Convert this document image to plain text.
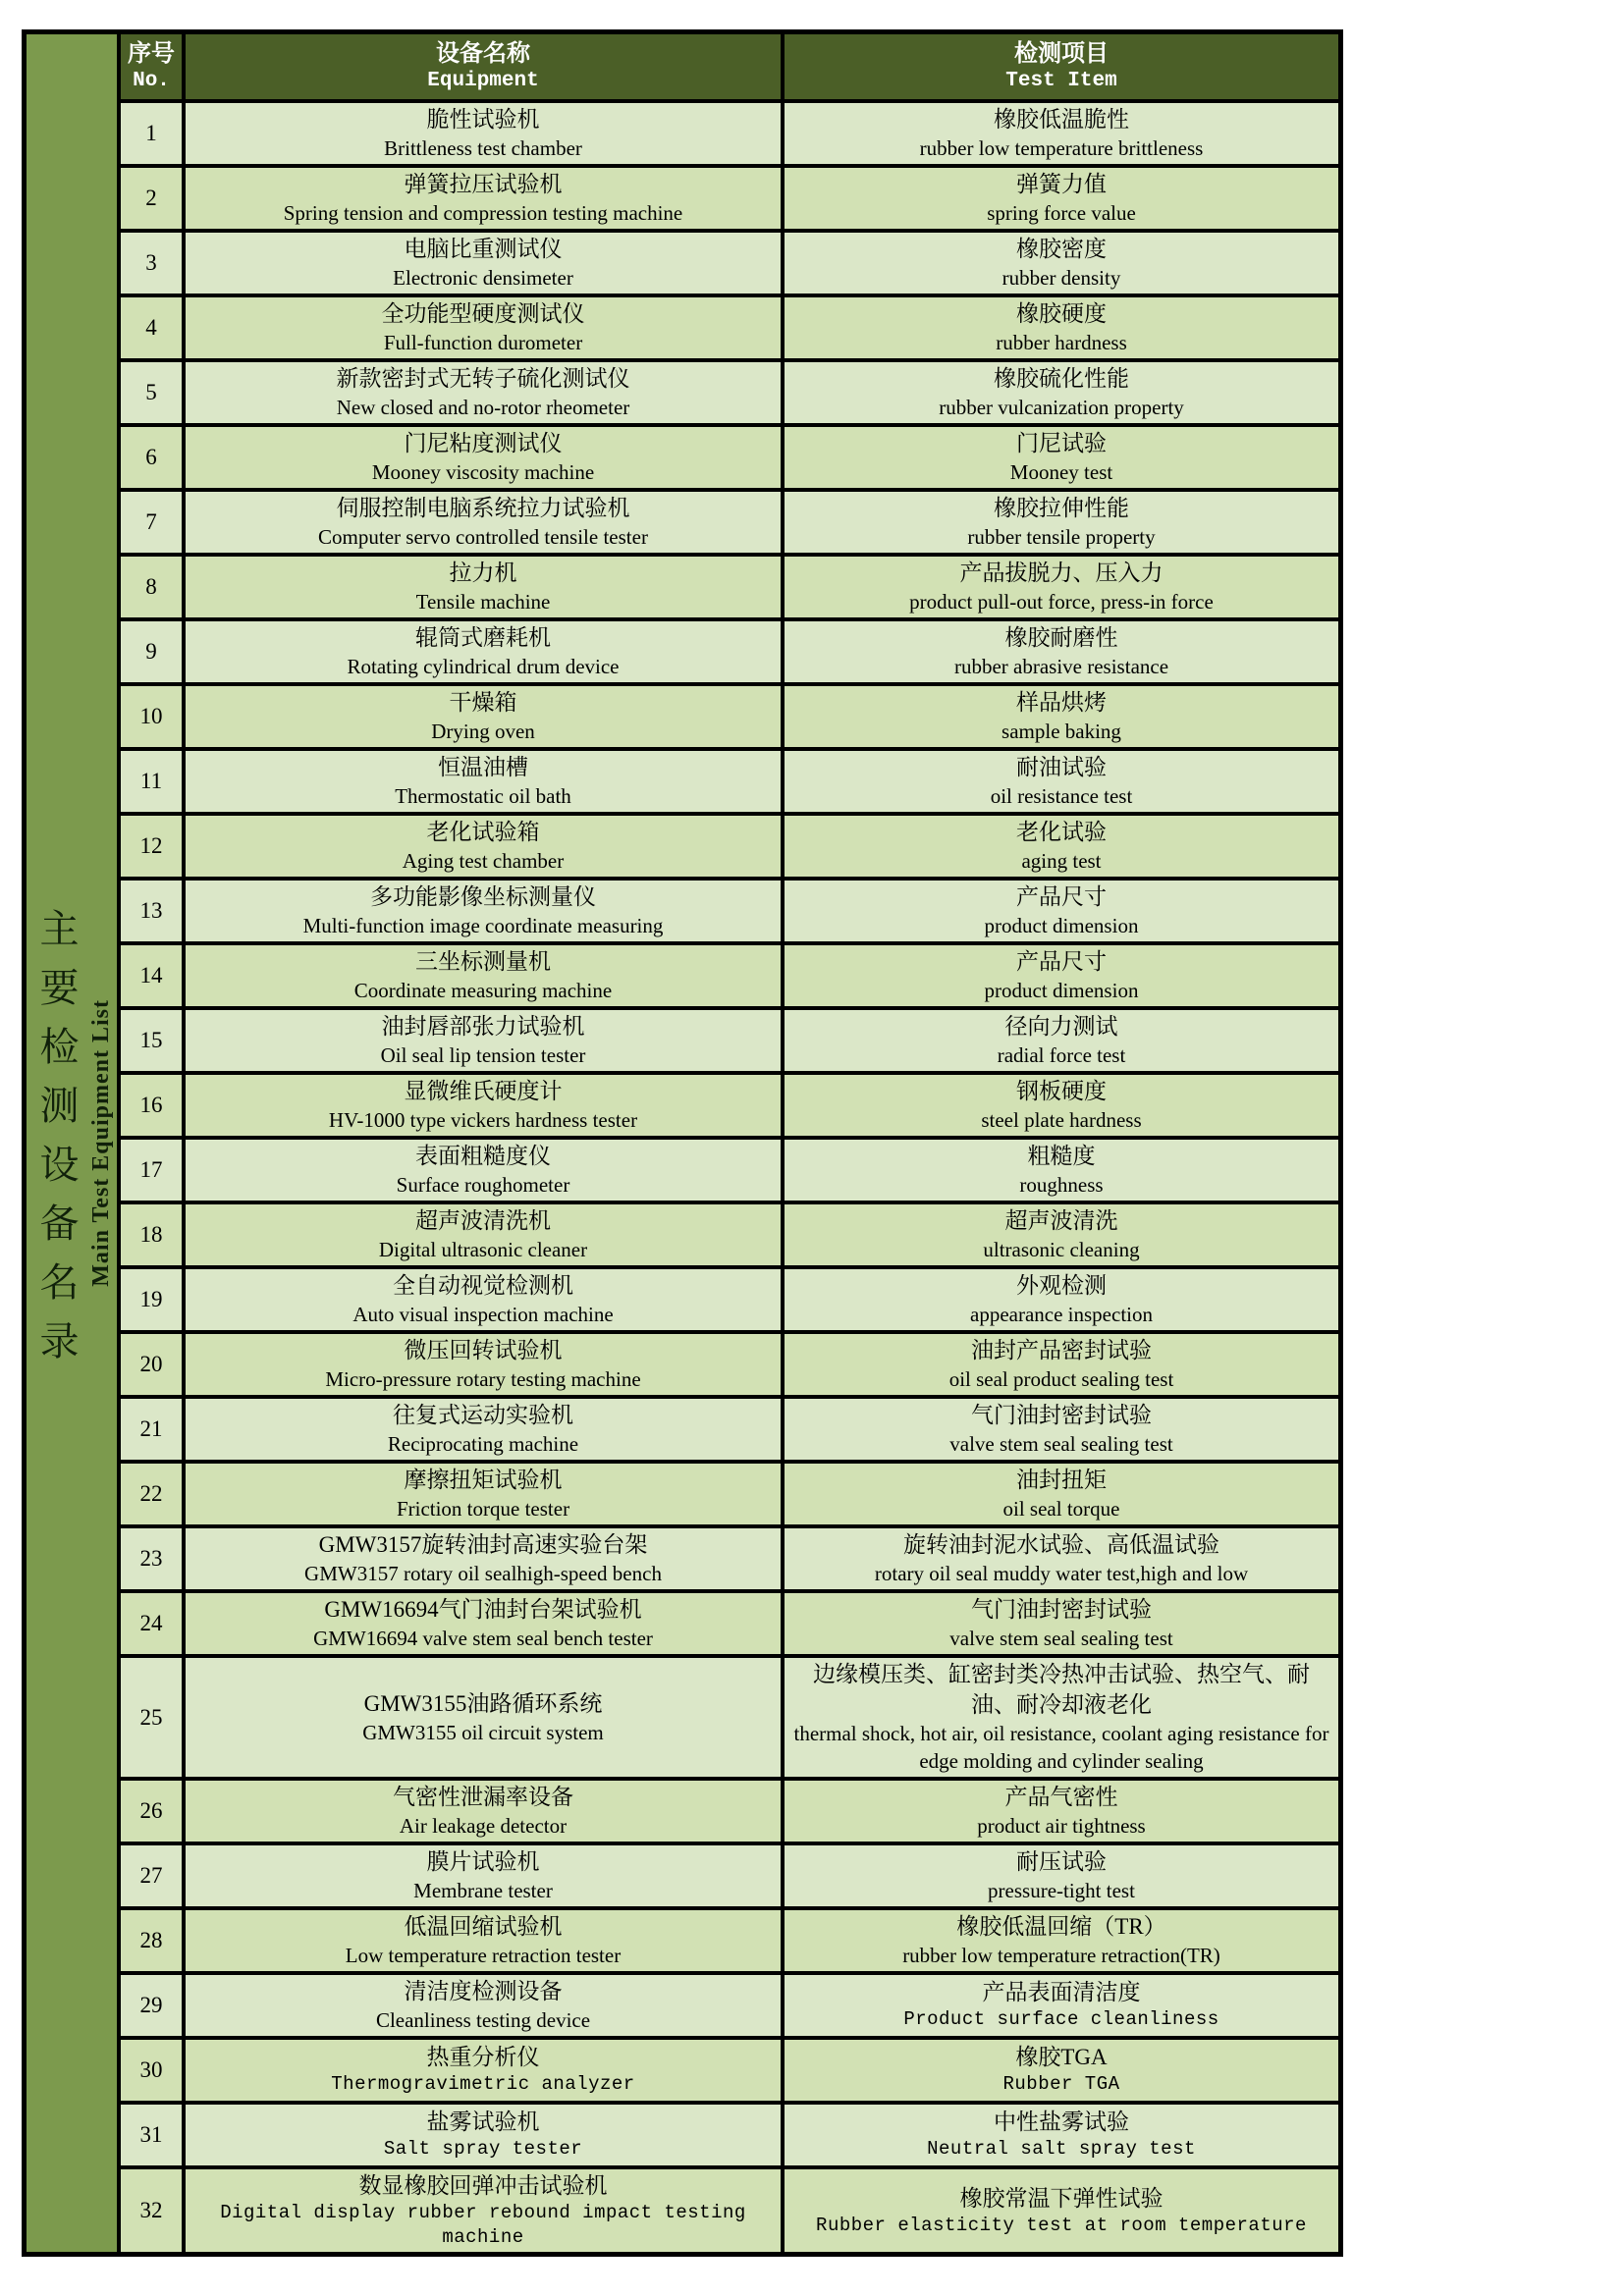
主要检测设备名录 Main Test Equipment List
序号
No.
设备名称
Equipment
检测项目
Test Item
1
脆性试验机
Brittleness test chamber
橡胶低温脆性
rubber low temperature brittleness
2
弹簧拉压试验机
Spring tension and compression testing machine
弹簧力值
spring force value
3
电脑比重测试仪
Electronic densimeter
橡胶密度
rubber density
4
全功能型硬度测试仪
Full-function durometer
橡胶硬度
rubber hardness
5
新款密封式无转子硫化测试仪
New closed and no-rotor rheometer
橡胶硫化性能
rubber vulcanization property
6
门尼粘度测试仪
Mooney viscosity machine
门尼试验
Mooney test
7
伺服控制电脑系统拉力试验机
Computer servo controlled tensile tester
橡胶拉伸性能
rubber tensile property
8
拉力机
Tensile machine
产品拔脱力、压入力
product pull-out force, press-in force
9
辊筒式磨耗机
Rotating cylindrical drum device
橡胶耐磨性
rubber abrasive resistance
10
干燥箱
Drying oven
样品烘烤
sample baking
11
恒温油槽
Thermostatic oil bath
耐油试验
oil resistance test
12
老化试验箱
Aging test chamber
老化试验
aging test
13
多功能影像坐标测量仪
Multi-function image coordinate measuring
产品尺寸
product dimension
14
三坐标测量机
Coordinate measuring machine
产品尺寸
product dimension
15
油封唇部张力试验机
Oil seal lip tension tester
径向力测试
radial force test
16
显微维氏硬度计
HV-1000 type vickers hardness tester
钢板硬度
steel plate hardness
17
表面粗糙度仪
Surface roughometer
粗糙度
roughness
18
超声波清洗机
Digital ultrasonic cleaner
超声波清洗
ultrasonic cleaning
19
全自动视觉检测机
Auto visual inspection machine
外观检测
appearance inspection
20
微压回转试验机
Micro-pressure rotary testing machine
油封产品密封试验
oil seal product sealing test
21
往复式运动实验机
Reciprocating machine
气门油封密封试验
valve stem seal sealing test
22
摩擦扭矩试验机
Friction torque tester
油封扭矩
oil seal torque
23
GMW3157旋转油封高速实验台架
GMW3157 rotary oil sealhigh-speed bench
旋转油封泥水试验、高低温试验
rotary oil seal muddy water test,high and low
24
GMW16694气门油封台架试验机
GMW16694 valve stem seal bench tester
气门油封密封试验
valve stem seal sealing test
25
GMW3155油路循环系统
GMW3155 oil circuit system
边缘模压类、缸密封类冷热冲击试验、热空气、耐油、耐冷却液老化
thermal shock, hot air, oil resistance, coolant aging resistance for edge molding and cylinder sealing
26
气密性泄漏率设备
Air leakage detector
产品气密性
product air tightness
27
膜片试验机
Membrane tester
耐压试验
pressure-tight test
28
低温回缩试验机
Low temperature retraction tester
橡胶低温回缩（TR）
rubber low temperature retraction(TR)
29
清洁度检测设备
Cleanliness testing device
产品表面清洁度
Product surface cleanliness
30
热重分析仪
Thermogravimetric analyzer
橡胶TGA
Rubber TGA
31
盐雾试验机
Salt spray tester
中性盐雾试验
Neutral salt spray test
32
数显橡胶回弹冲击试验机
Digital display rubber rebound impact testing machine
橡胶常温下弹性试验
Rubber elasticity test at room temperature
